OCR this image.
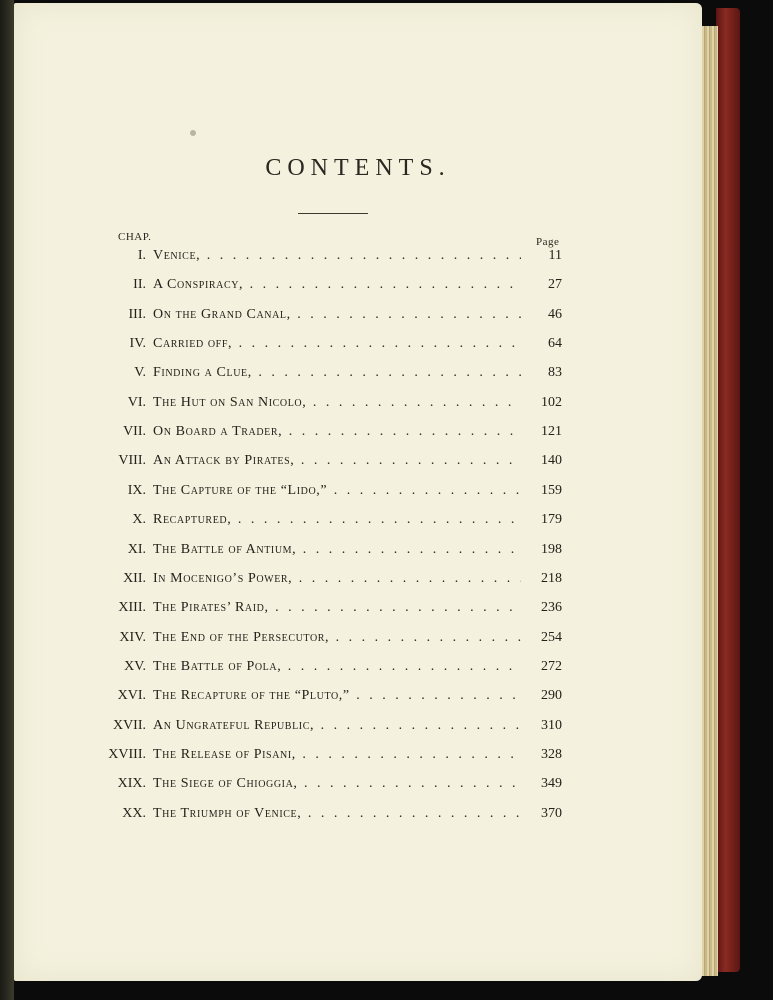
CONTENTS.
CHAP.	Page
I. Venice, . . .	11
II. A Conspiracy, . . .	27
III. On the Grand Canal, . . .	46
IV. Carried off, . . .	64
V. Finding a Clue, . . .	83
VI. The Hut on San Nicolo, . . .	102
VII. On Board a Trader, . . .	121
VIII. An Attack by Pirates, . . .	140
IX. The Capture of the “Lido,” . . .	159
X. Recaptured, . . .	179
XI. The Battle of Antium, . . .	198
XII. In Mocenigo’s Power, . . .	218
XIII. The Pirates’ Raid, . . .	236
XIV. The End of the Persecutor, . . .	254
XV. The Battle of Pola, . . .	272
XVI. The Recapture of the “Pluto,” . . .	290
XVII. An Ungrateful Republic, . . .	310
XVIII. The Release of Pisani, . . .	328
XIX. The Siege of Chioggia, . . .	349
XX. The Triumph of Venice, . . .	370
